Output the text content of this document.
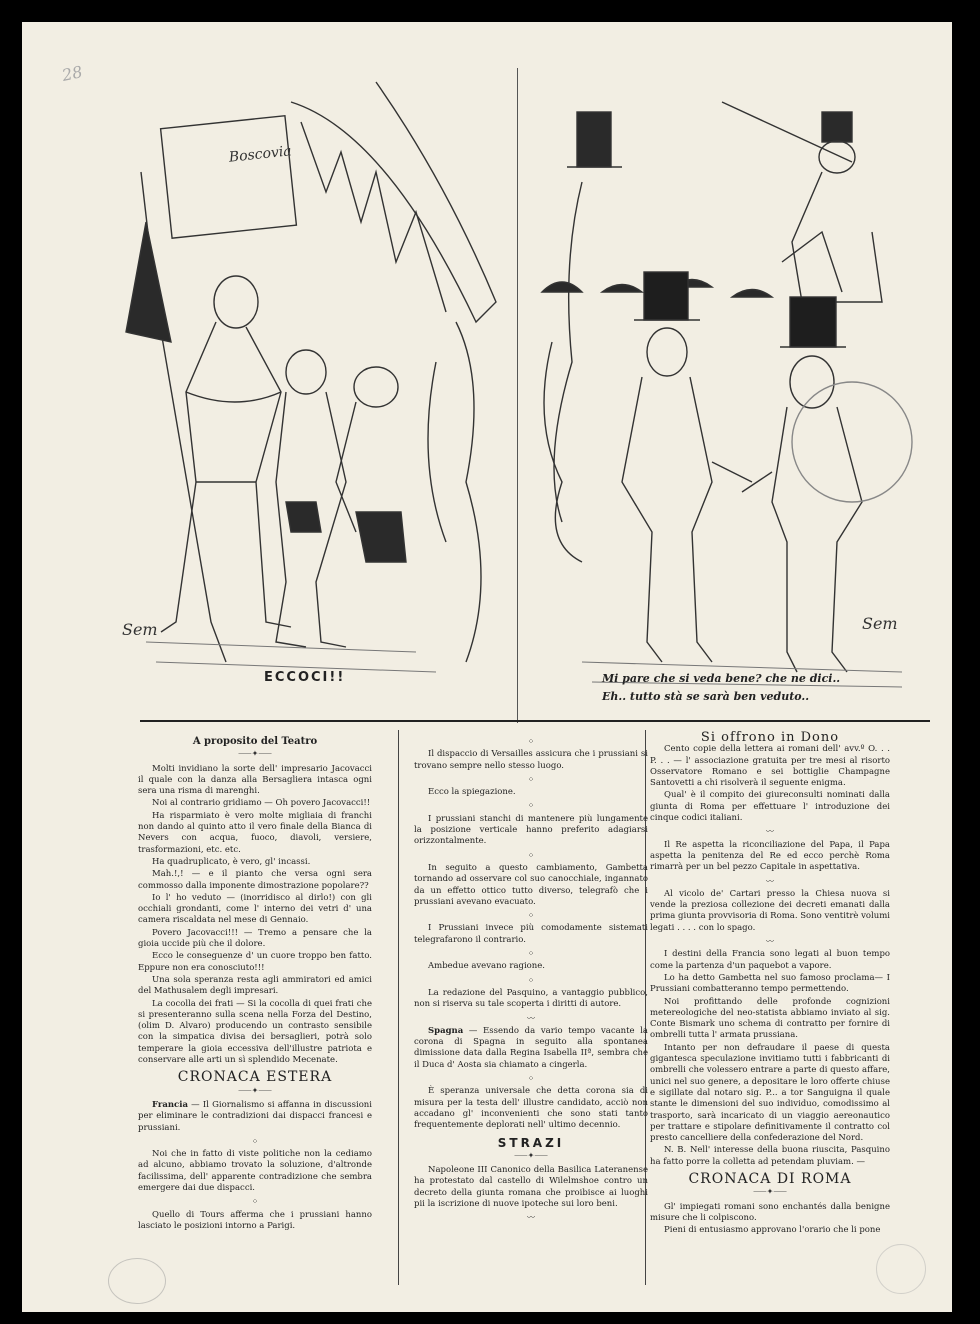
28
Boscovia
Sem
ECCOCI!!
Sem
Mi pare che si veda bene? che ne dici..
Eh.. tutto stà se sarà ben veduto..
A proposito del Teatro
⸺✦⸺

Molti invidiano la sorte dell' impresario Jacovacci il quale con la danza alla Bersagliera intasca ogni sera una risma di marenghi.

Noi al contrario gridiamo — Oh povero Jacovacci!!

Ha risparmiato è vero molte migliaia di franchi non dando al quinto atto il vero finale della Bianca di Nevers con acqua, fuoco, diavoli, versiere, trasformazioni, etc. etc.

Ha quadruplicato, è vero, gl' incassi.

Mah.!,! — e il pianto che versa ogni sera commosso dalla imponente dimostrazione popolare??

Io l' ho veduto — (inorridisco al dirlo!) con gli occhiali grondanti, come l' interno dei vetri d' una camera riscaldata nel mese di Gennaio.

Povero Jacovacci!!! — Tremo a pensare che la gioia uccide più che il dolore.

Ecco le conseguenze d' un cuore troppo ben fatto. Eppure non era conosciuto!!!

Una sola speranza resta agli ammiratori ed amici del Mathusalem degli impresari.

La cocolla dei frati — Si la cocolla di quei frati che si presenteranno sulla scena nella Forza del Destino, (olim D. Alvaro) producendo un contrasto sensibile con la simpatica divisa dei bersaglieri, potrà solo temperare la gioia eccessiva dell'illustre patriota e conservare alle arti un sì splendido Mecenate.

CRONACA ESTERA
⸺✦⸺

Francia — Il Giornalismo si affanna in discussioni per eliminare le contradizioni dai dispacci francesi e prussiani.

⁘

Noi che in fatto di viste politiche non la cediamo ad alcuno, abbiamo trovato la soluzione, d'altronde facilissima, dell' apparente contradizione che sembra emergere dai due dispacci.

⁘

Quello di Tours afferma che i prussiani hanno lasciato le posizioni intorno a Parigi.

⁘

Il dispaccio di Versailles assicura che i prussiani si trovano sempre nello stesso luogo.

⁘

Ecco la spiegazione.

⁘

I prussiani stanchi di mantenere più lungamente la posizione verticale hanno preferito adagiarsi orizzontalmente.

⁘

In seguito a questo cambiamento, Gambetta tornando ad osservare col suo canocchiale, ingannato da un effetto ottico tutto diverso, telegrafò che i prussiani avevano evacuato.

⁘

I Prussiani invece più comodamente sistemati telegrafarono il contrario.

⁘

Ambedue avevano ragione.

⁘

La redazione del Pasquino, a vantaggio pubblico, non si riserva su tale scoperta i diritti di autore.

〰

Spagna — Essendo da vario tempo vacante la corona di Spagna in seguito alla spontanea dimissione data dalla Regina Isabella IIª, sembra che il Duca d' Aosta sia chiamato a cingerla.

⁘

È speranza universale che detta corona sia di misura per la testa dell' illustre candidato, acciò non accadano gl' inconvenienti che sono stati tanto frequentemente deplorati nell' ultimo decennio.

STRAZI
⸺✦⸺

Napoleone III Canonico della Basilica Lateranense ha protestato dal castello di Wilelmshoe contro un decreto della giunta romana che proibisce ai luoghi pii la iscrizione di nuove ipoteche sui loro beni.

〰
Si offrono in Dono

Cento copie della lettera ai romani dell' avv.º O. . . P. . . — l' associazione gratuita per tre mesi al risorto Osservatore Romano e sei bottiglie Champagne Santovetti a chi risolverà il seguente enigma.

Qual' è il compito dei giureconsulti nominati dalla giunta di Roma per effettuare l' introduzione dei cinque codici italiani.

〰

Il Re aspetta la riconciliazione del Papa, il Papa aspetta la penitenza del Re ed ecco perchè Roma rimarrà per un bel pezzo Capitale in aspettativa.

〰

Al vicolo de' Cartari presso la Chiesa nuova si vende la preziosa collezione dei decreti emanati dalla prima giunta provvisoria di Roma. Sono ventitrè volumi legati . . . . con lo spago.

〰

I destini della Francia sono legati al buon tempo come la partenza d'un paquebot a vapore.

Lo ha detto Gambetta nel suo famoso proclama— I Prussiani combatteranno tempo permettendo.

Noi profittando delle profonde cognizioni metereologiche del neo-statista abbiamo inviato al sig. Conte Bismark uno schema di contratto per fornire di ombrelli tutta l' armata prussiana.

Intanto per non defraudare il paese di questa gigantesca speculazione invitiamo tutti i fabbricanti di ombrelli che volessero entrare a parte di questo affare, unici nel suo genere, a depositare le loro offerte chiuse e sigillate dal notaro sig. P... a tor Sanguigna il quale stante le dimensioni del suo individuo, comodissimo al trasporto, sarà incaricato di un viaggio aereonautico per trattare e stipolare definitivamente il contratto col presto cancelliere della confederazione del Nord.

N. B. Nell' interesse della buona riuscita, Pasquino ha fatto porre la colletta ad petendam pluviam. —

CRONACA DI ROMA
⸺✦⸺

Gl' impiegati romani sono enchantés dalla benigne misure che li colpiscono.

Pieni di entusiasmo approvano l'orario che li pone
